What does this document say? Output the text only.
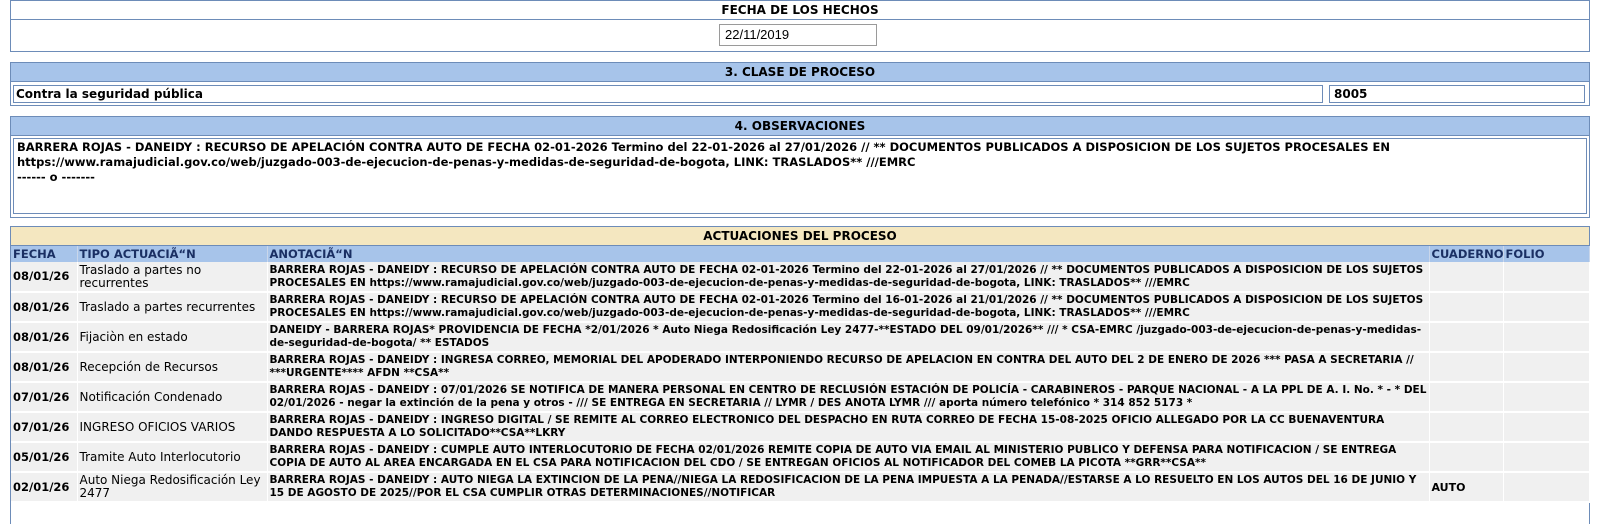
FECHA DE LOS HECHOS
22/11/2019
3. CLASE DE PROCESO
Contra la seguridad pública	8005
4. OBSERVACIONES
BARRERA ROJAS - DANEIDY : RECURSO DE APELACIÓN CONTRA AUTO DE FECHA 02-01-2026 Termino del 22-01-2026 al 27/01/2026 // ** DOCUMENTOS PUBLICADOS A DISPOSICION DE LOS SUJETOS PROCESALES EN
https://www.ramajudicial.gov.co/web/juzgado-003-de-ejecucion-de-penas-y-medidas-de-seguridad-de-bogota, LINK: TRASLADOS** ///EMRC
------ o -------
ACTUACIONES DEL PROCESO
FECHA	TIPO ACTUACIÃ“N	ANOTACIÃ“N	CUADERNO	FOLIO
08/01/26	Traslado a partes no recurrentes	BARRERA ROJAS - DANEIDY : RECURSO DE APELACIÓN CONTRA AUTO DE FECHA 02-01-2026 Termino del 22-01-2026 al 27/01/2026 // ** DOCUMENTOS PUBLICADOS A DISPOSICION DE LOS SUJETOS PROCESALES EN https://www.ramajudicial.gov.co/web/juzgado-003-de-ejecucion-de-penas-y-medidas-de-seguridad-de-bogota, LINK: TRASLADOS** ///EMRC		
08/01/26	Traslado a partes recurrentes	BARRERA ROJAS - DANEIDY : RECURSO DE APELACIÓN CONTRA AUTO DE FECHA 02-01-2026 Termino del 16-01-2026 al 21/01/2026 // ** DOCUMENTOS PUBLICADOS A DISPOSICION DE LOS SUJETOS PROCESALES EN https://www.ramajudicial.gov.co/web/juzgado-003-de-ejecucion-de-penas-y-medidas-de-seguridad-de-bogota, LINK: TRASLADOS** ///EMRC		
08/01/26	Fijaciòn en estado	DANEIDY - BARRERA ROJAS* PROVIDENCIA DE FECHA *2/01/2026 * Auto Niega Redosificación Ley 2477-**ESTADO DEL 09/01/2026** /// * CSA-EMRC /juzgado-003-de-ejecucion-de-penas-y-medidas-de-seguridad-de-bogota/ ** ESTADOS		
08/01/26	Recepción de Recursos	BARRERA ROJAS - DANEIDY : INGRESA CORREO, MEMORIAL DEL APODERADO INTERPONIENDO RECURSO DE APELACION EN CONTRA DEL AUTO DEL 2 DE ENERO DE 2026 *** PASA A SECRETARIA // ***URGENTE**** AFDN **CSA**		
07/01/26	Notificación Condenado	BARRERA ROJAS - DANEIDY : 07/01/2026 SE NOTIFICA DE MANERA PERSONAL EN CENTRO DE RECLUSIÓN ESTACIÓN DE POLICÍA - CARABINEROS - PARQUE NACIONAL - A LA PPL DE A. I. No. * - * DEL 02/01/2026 - negar la extinción de la pena y otros - /// SE ENTREGA EN SECRETARIA // LYMR / DES ANOTA LYMR /// aporta número telefónico * 314 852 5173 *		
07/01/26	INGRESO OFICIOS VARIOS	BARRERA ROJAS - DANEIDY : INGRESO DIGITAL / SE REMITE AL CORREO ELECTRONICO DEL DESPACHO EN RUTA CORREO DE FECHA 15-08-2025 OFICIO ALLEGADO POR LA CC BUENAVENTURA DANDO RESPUESTA A LO SOLICITADO**CSA**LKRY		
05/01/26	Tramite Auto Interlocutorio	BARRERA ROJAS - DANEIDY : CUMPLE AUTO INTERLOCUTORIO DE FECHA 02/01/2026 REMITE COPIA DE AUTO VIA EMAIL AL MINISTERIO PUBLICO Y DEFENSA PARA NOTIFICACION / SE ENTREGA COPIA DE AUTO AL AREA ENCARGADA EN EL CSA PARA NOTIFICACION DEL CDO / SE ENTREGAN OFICIOS AL NOTIFICADOR DEL COMEB LA PICOTA **GRR**CSA**		
02/01/26	Auto Niega Redosificación Ley 2477	BARRERA ROJAS - DANEIDY : AUTO NIEGA LA EXTINCION DE LA PENA//NIEGA LA REDOSIFICACION DE LA PENA IMPUESTA A LA PENADA//ESTARSE A LO RESUELTO EN LOS AUTOS DEL 16 DE JUNIO Y 15 DE AGOSTO DE 2025//POR EL CSA CUMPLIR OTRAS DETERMINACIONES//NOTIFICAR	AUTO	
